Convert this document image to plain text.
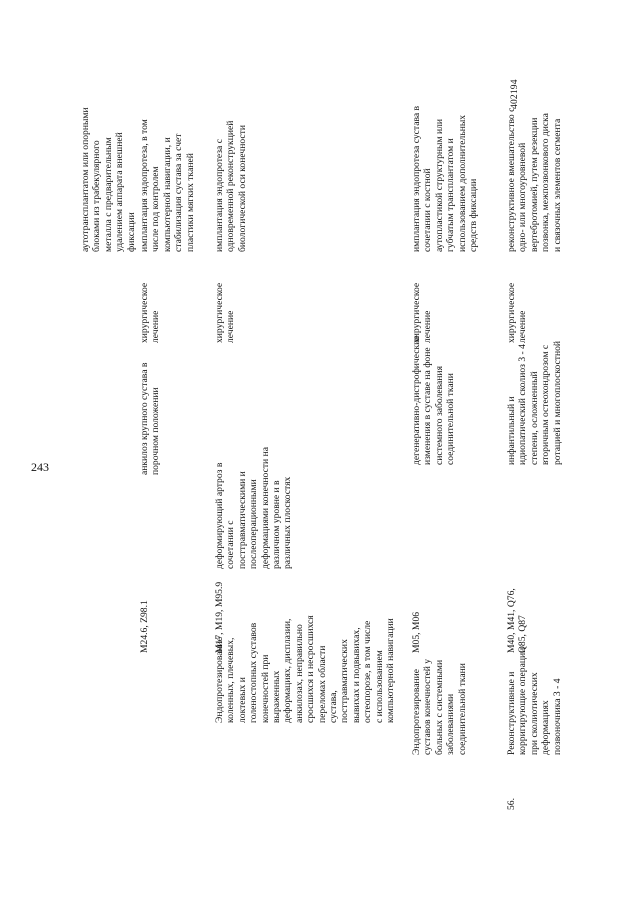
243
402194
M24.6, Z98.1
анкилоз крупного сустава в
порочном положении
хирургическое
лечение
имплантация эндопротеза, в том
числе под контролем
компьютерной навигации, и
стабилизация сустава за счет
пластики мягких тканей
аутотрансплантатом или опорными
блоками из трабекулярного
металла с предварительным
удалением аппарата внешней
фиксации
Эндопротезирование
коленных, плечевых,
локтевых и
голеностопных суставов
конечностей при
выраженных
деформациях, дисплазии,
анкилозах, неправильно
сросшихся и несросшихся
переломах области
сустава,
посттравматических
вывихах и подвывихах,
остеопорозе, в том числе
с использованием
компьютерной навигации
M17, M19, M95.9
деформирующий артроз в
сочетании с
посттравматическими и
послеоперационными
деформациями конечности на
различном уровне и в
различных плоскостях
хирургическое
лечение
имплантация эндопротеза с
одновременной реконструкцией
биологической оси конечности
Эндопротезирование
суставов конечностей у
больных с системными
заболеваниями
соединительной ткани
M05, M06
дегенеративно-дистрофические
изменения в суставе на фоне
системного заболевания
соединительной ткани
хирургическое
лечение
имплантация эндопротеза сустава в
сочетании с костной
аутопластикой структурным или
губчатым трансплантатом и
использованием дополнительных
средств фиксации
56.
Реконструктивные и
корригирующие операции
при сколиотических
деформациях
позвоночника 3 - 4
M40, M41, Q76,
Q85, Q87
инфантильный и
идиопатический сколиоз 3 - 4
степени, осложненный
вторичным остеохондрозом с
ротацией и многоплоскостной
хирургическое
лечение
реконструктивное вмешательство с
одно- или многоуровневой
вертебротомией, путем резекции
позвонка, межпозвонкового диска
и связочных элементов сегмента
